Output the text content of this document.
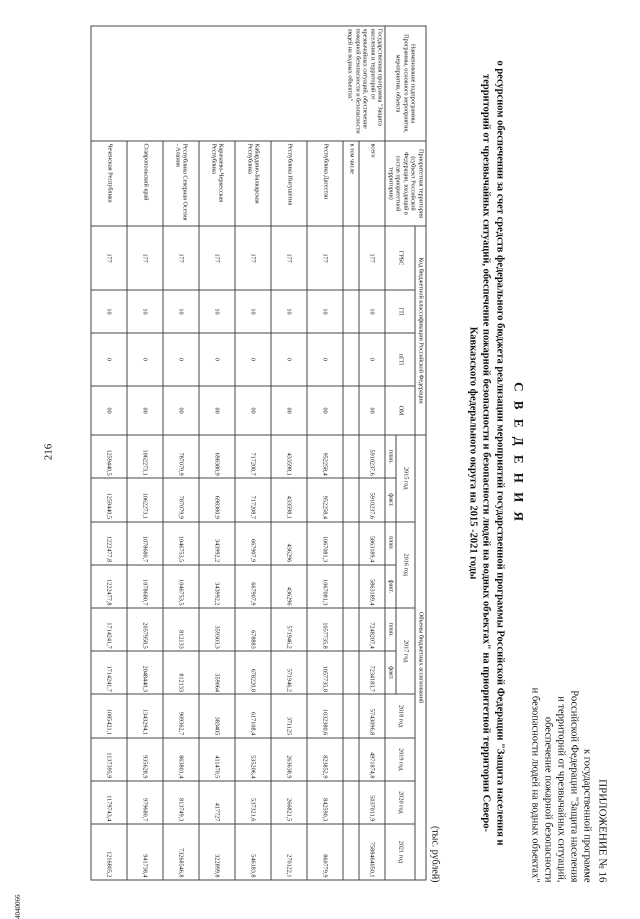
216
4040066
ПРИЛОЖЕНИЕ № 16
к государственной программе
Российской Федерации "Защита населения
и территорий от чрезвычайных ситуаций,
обеспечение пожарной безопасности
и безопасности людей на водных объектах"
С В Е Д Е Н И Я
о ресурсном обеспечении за счет средств федерального бюджета реализации мероприятий государственной программы Российской Федерации "Защита населения и территорий от чрезвычайных ситуаций, обеспечение пожарной безопасности и безопасности людей на водных объектах" на приоритетной территории Северо-Кавказского федерального округа на 2015 -2021 годы
(тыс. рублей)
Наименование подпрограммы Программы, основного мероприятия, мероприятия, объекта	Приоритетная территория (субъект Российской Федерации, входящий в состав приоритетной территории)	Код бюджетной классификации Российской Федерации				Объемы бюджетных ассигнований									
		ГРБС	ГП	пГП	ОМ	2015 год		2016 год		2017 год		2018 год	2019 год	2020 год	2021 год
						план.	факт.	план.	факт.	план.	факт.				
Государственная программа "Защита населения и территорий от чрезвычайных ситуаций, обеспечение пожарной безопасности и безопасности людей на водных объектах"	всего	177	10	0	00	5910237,6	5910237,6	5863189,4	5863189,4	7248207,4	7234183,7	5743096,8	4971874,8	5037011,9	7588464050,1
	в том числе														
	Республика Дагестан	177	10	0	00	952258,4	952258,4	1067081,3	1067081,3	1057735,8	1057735,8	1032380,6	823852,9	842590,3	860779,9
	Республика Ингушетия	177	10	0	00	433598,1	433598,1	436296	436296	571946,2	571946,2	371125	263638,9	266821,5	270122,1
	Кабардино-Балкарская Республика	177	10	0	00	717208,7	717208,7	667907,9	667907,9	678883	678220,8	617108,4	535206,4	537321,6	546183,8
	Карачаево-Черкесская Республика	177	10	0	00	698380,9	698380,9	343992,2	343992,2	359303,3	359064	383405	411470,5	417727	322899,8
	Республика Северная Осетия - Алания	177	10	0	00	787079,9	787079,9	1046753,5	1046753,5	812133	812133	909362,7	863801,4	813749,3	73268546,8
	Ставропольский край	177	10	0	00	1062273,1	1062273,1	1078680,7	1078680,7	2057958,5	2048440,3	1343294,1	935628,9	979680,7	941738,4
	Чеченская Республика	177	10	0	00	1259440,5	1259440,5	1222477,8	1222477,8	1714241,7	1714241,7	1085421,1	1137395,9	1179743,4	1216805,2
